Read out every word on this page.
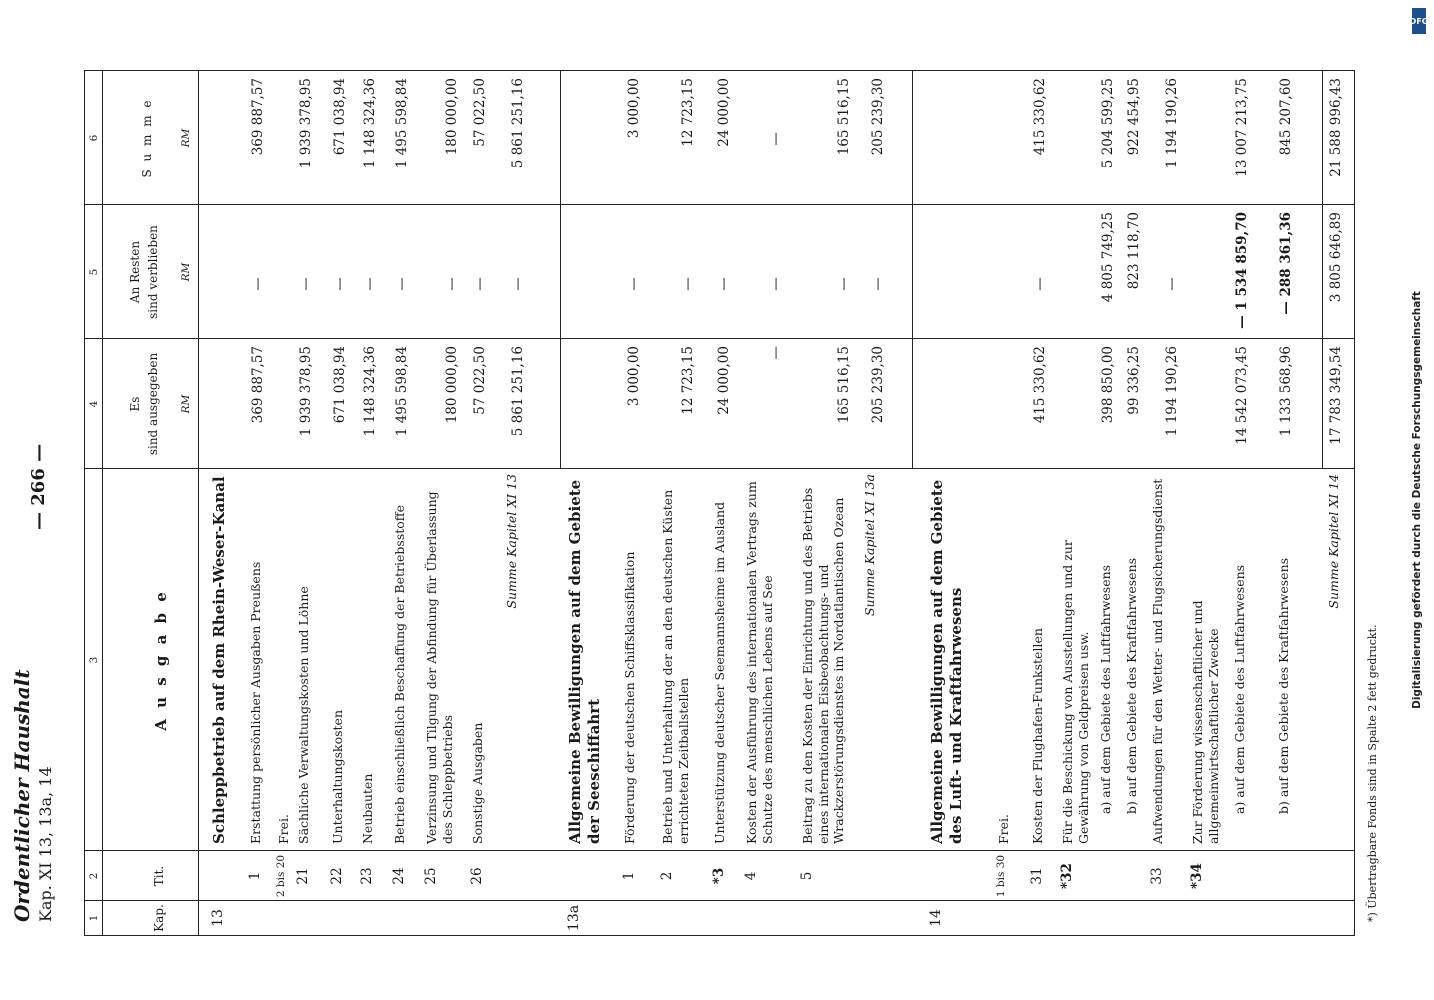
Ordentlicher Haushalt Kap. XI 13, 13a, 14
— 266 —
1
2
3
4
5
6
Kap.
Tit.
A u s g a b e
Es sind ausgegeben RM
An Resten sind verblieben RM
S u m m e RM
13
Schleppbetrieb auf dem Rhein-Weser-Kanal
1
Erstattung persönlicher Ausgaben Preußens
369 887,57
—
369 887,57
2 bis 20
Frei.
21
Sächliche Verwaltungskosten und Löhne
1 939 378,95
—
1 939 378,95
22
Unterhaltungskosten
671 038,94
—
671 038,94
23
Neubauten
1 148 324,36
—
1 148 324,36
24
Betrieb einschließlich Beschaffung der Betriebsstoffe
1 495 598,84
—
1 495 598,84
25
Verzinsung und Tilgung der Abfindung für Überlassung des Schleppbetriebs
180 000,00
—
180 000,00
26
Sonstige Ausgaben
57 022,50
—
57 022,50
Summe Kapitel XI 13
5 861 251,16
—
5 861 251,16
13a
Allgemeine Bewilligungen auf dem Gebiete der Seeschiffahrt
1
Förderung der deutschen Schiffsklassifikation
3 000,00
—
3 000,00
2
Betrieb und Unterhaltung der an den deutschen Küsten errichteten Zeitballstellen
12 723,15
—
12 723,15
*3
Unterstützung deutscher Seemannsheime im Ausland
24 000,00
—
24 000,00
4
Kosten der Ausführung des internationalen Vertrags zum Schutze des menschlichen Lebens auf See
—
—
—
5
Beitrag zu den Kosten der Einrichtung und des Betriebs eines internationalen Eisbeobachtungs- und Wrackzerstörungsdienstes im Nordatlantischen Ozean
165 516,15
—
165 516,15
Summe Kapitel XI 13a
205 239,30
—
205 239,30
14
Allgemeine Bewilligungen auf dem Gebiete des Luft- und Kraftfahrwesens
1 bis 30
Frei.
31
Kosten der Flughafen-Funkstellen
415 330,62
—
415 330,62
*32
Für die Beschickung von Ausstellungen und zur Gewährung von Geldpreisen usw. a) auf dem Gebiete des Luftfahrwesens
398 850,00
4 805 749,25
5 204 599,25
b) auf dem Gebiete des Kraftfahrwesens
99 336,25
823 118,70
922 454,95
33
Aufwendungen für den Wetter- und Flugsicherungsdienst
1 194 190,26
—
1 194 190,26
*34
Zur Förderung wissenschaftlicher und allgemeinwirtschaftlicher Zwecke a) auf dem Gebiete des Luftfahrwesens
14 542 073,45
— 1 534 859,70
13 007 213,75
b) auf dem Gebiete des Kraftfahrwesens
1 133 568,96
— 288 361,36
845 207,60
Summe Kapitel XI 14
17 783 349,54
3 805 646,89
21 588 996,43
*) Übertragbare Fonds sind in Spalte 2 fett gedruckt.
Digitalisierung gefördert durch die Deutsche Forschungsgemeinschaft
DFG
